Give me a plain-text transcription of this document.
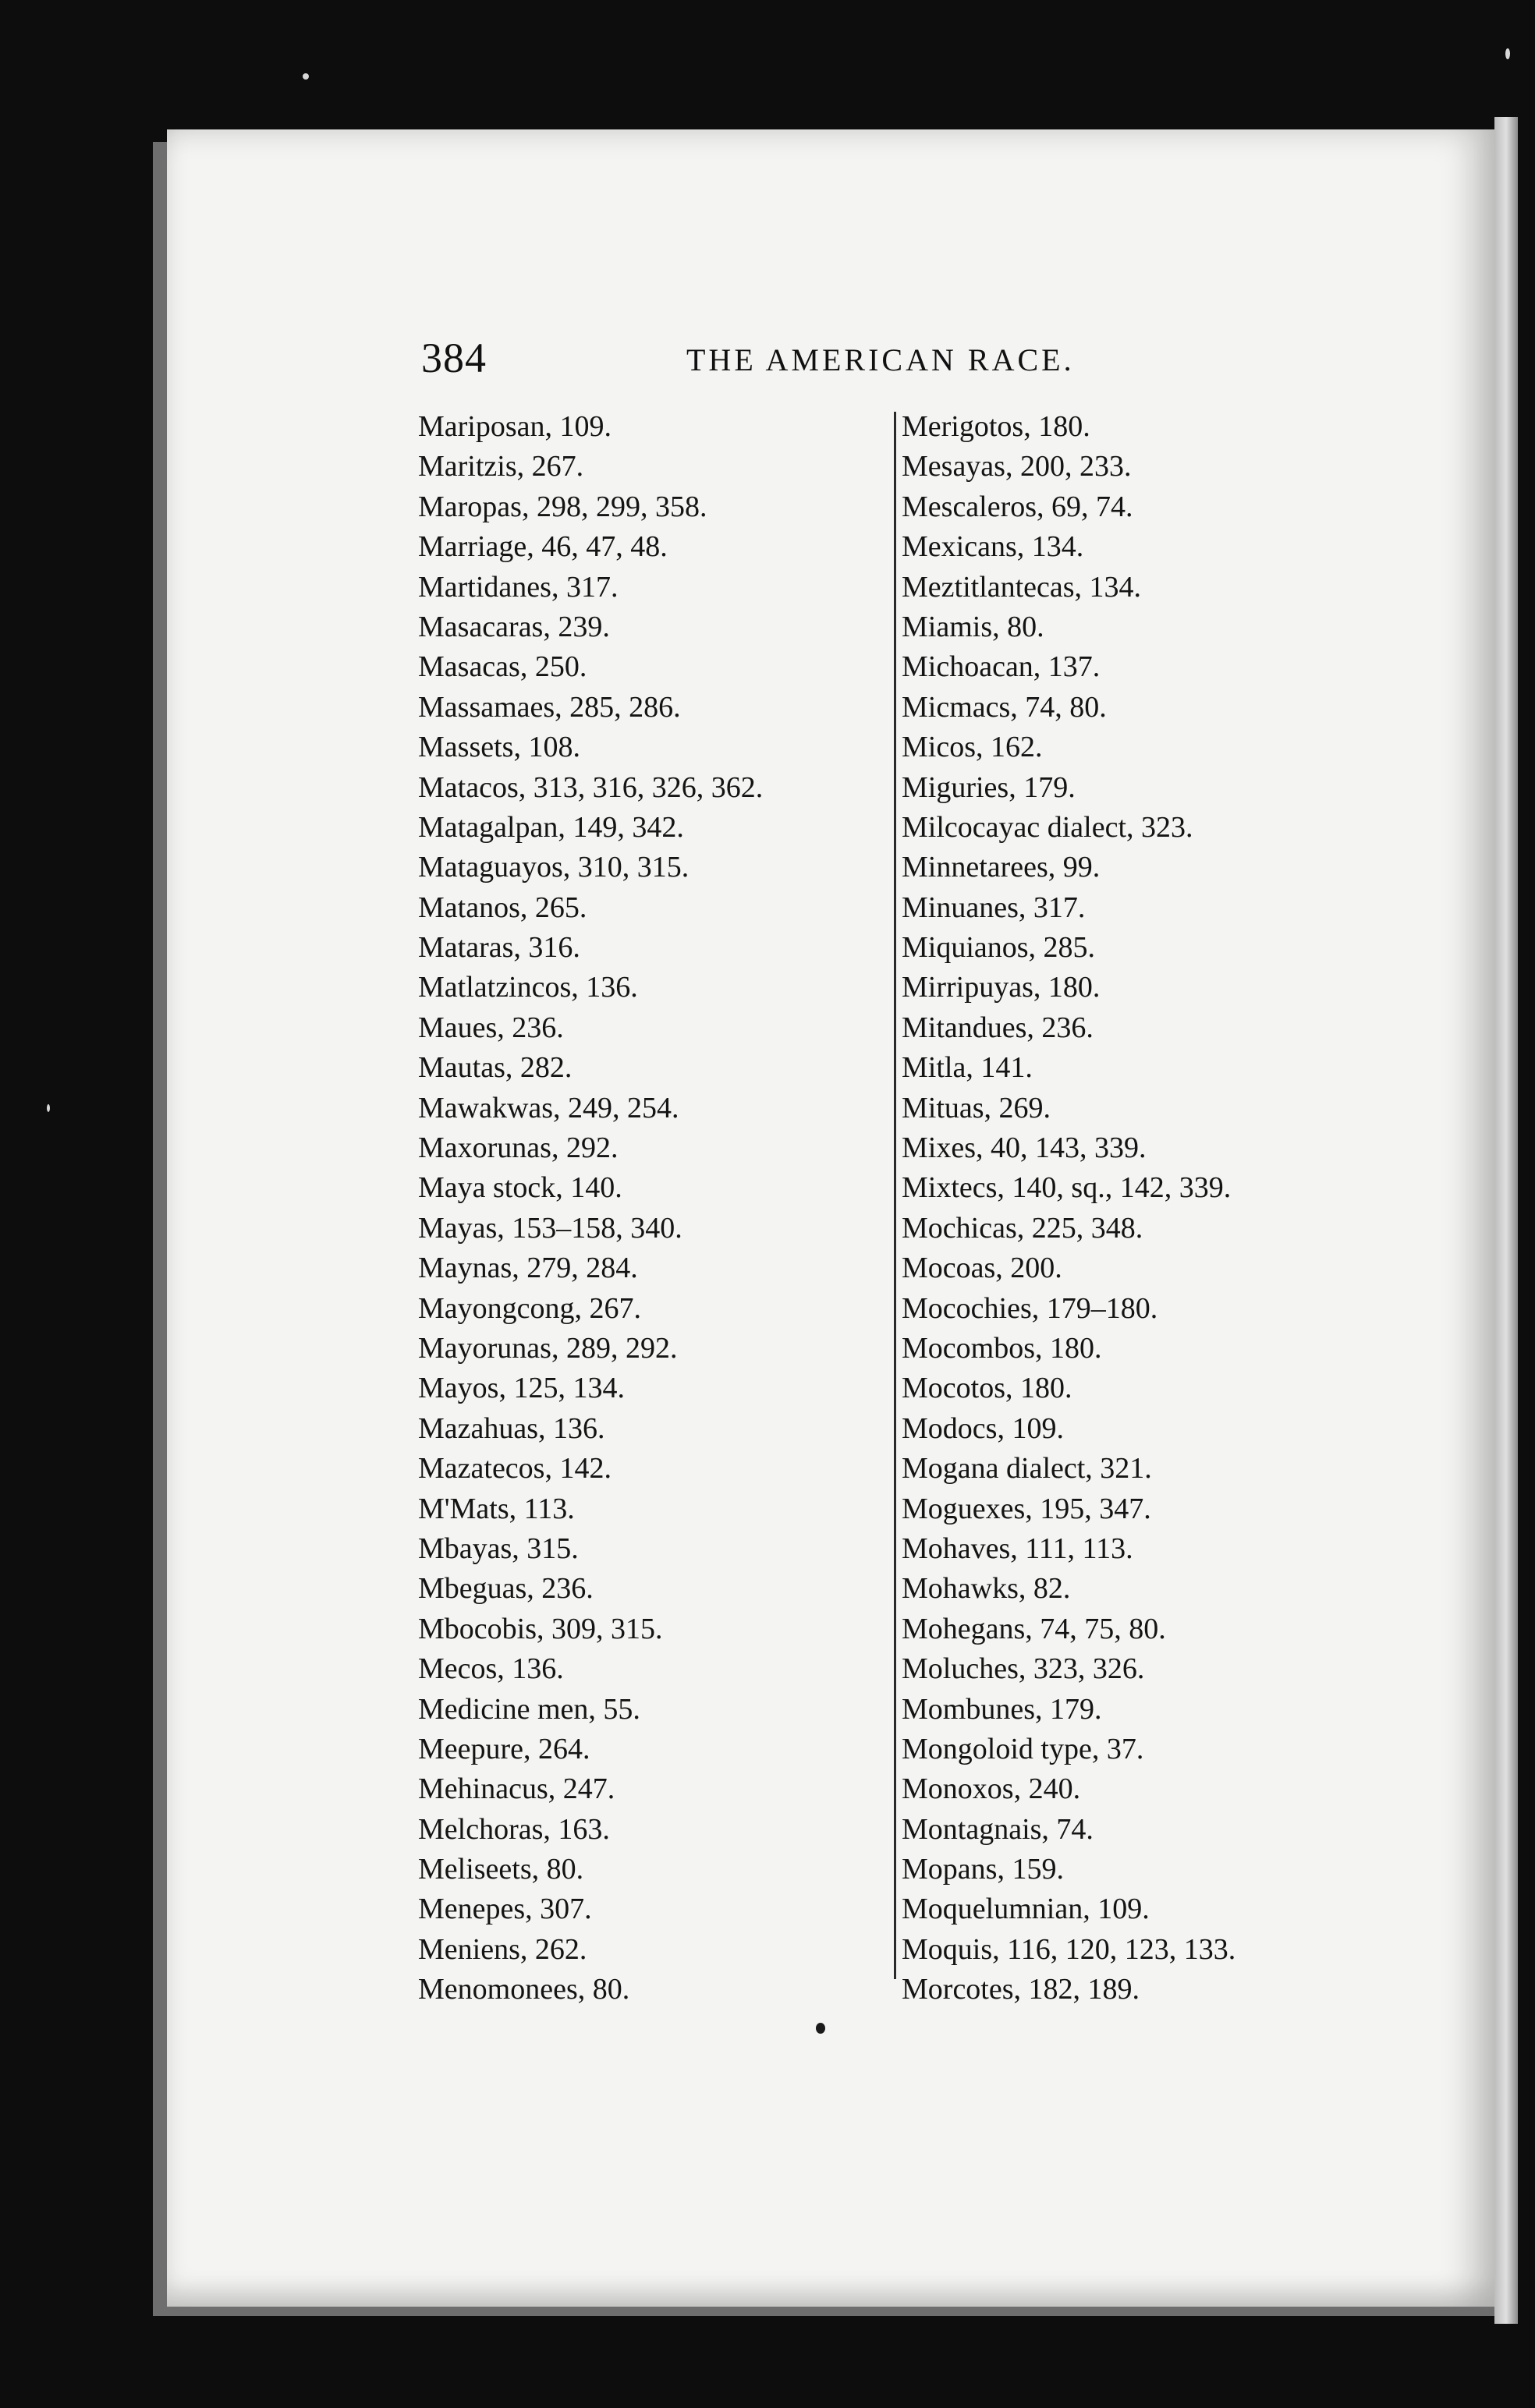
384	THE AMERICAN RACE.
Mariposan, 109.
Maritzis, 267.
Maropas, 298, 299, 358.
Marriage, 46, 47, 48.
Martidanes, 317.
Masacaras, 239.
Masacas, 250.
Massamaes, 285, 286.
Massets, 108.
Matacos, 313, 316, 326, 362.
Matagalpan, 149, 342.
Mataguayos, 310, 315.
Matanos, 265.
Mataras, 316.
Matlatzincos, 136.
Maues, 236.
Mautas, 282.
Mawakwas, 249, 254.
Maxorunas, 292.
Maya stock, 140.
Mayas, 153–158, 340.
Maynas, 279, 284.
Mayongcong, 267.
Mayorunas, 289, 292.
Mayos, 125, 134.
Mazahuas, 136.
Mazatecos, 142.
M'Mats, 113.
Mbayas, 315.
Mbeguas, 236.
Mbocobis, 309, 315.
Mecos, 136.
Medicine men, 55.
Meepure, 264.
Mehinacus, 247.
Melchoras, 163.
Meliseets, 80.
Menepes, 307.
Meniens, 262.
Menomonees, 80.
Merigotos, 180.
Mesayas, 200, 233.
Mescaleros, 69, 74.
Mexicans, 134.
Meztitlantecas, 134.
Miamis, 80.
Michoacan, 137.
Micmacs, 74, 80.
Micos, 162.
Miguries, 179.
Milcocayac dialect, 323.
Minnetarees, 99.
Minuanes, 317.
Miquianos, 285.
Mirripuyas, 180.
Mitandues, 236.
Mitla, 141.
Mituas, 269.
Mixes, 40, 143, 339.
Mixtecs, 140, sq., 142, 339.
Mochicas, 225, 348.
Mocoas, 200.
Mocochies, 179–180.
Mocombos, 180.
Mocotos, 180.
Modocs, 109.
Mogana dialect, 321.
Moguexes, 195, 347.
Mohaves, 111, 113.
Mohawks, 82.
Mohegans, 74, 75, 80.
Moluches, 323, 326.
Mombunes, 179.
Mongoloid type, 37.
Monoxos, 240.
Montagnais, 74.
Mopans, 159.
Moquelumnian, 109.
Moquis, 116, 120, 123, 133.
Morcotes, 182, 189.
